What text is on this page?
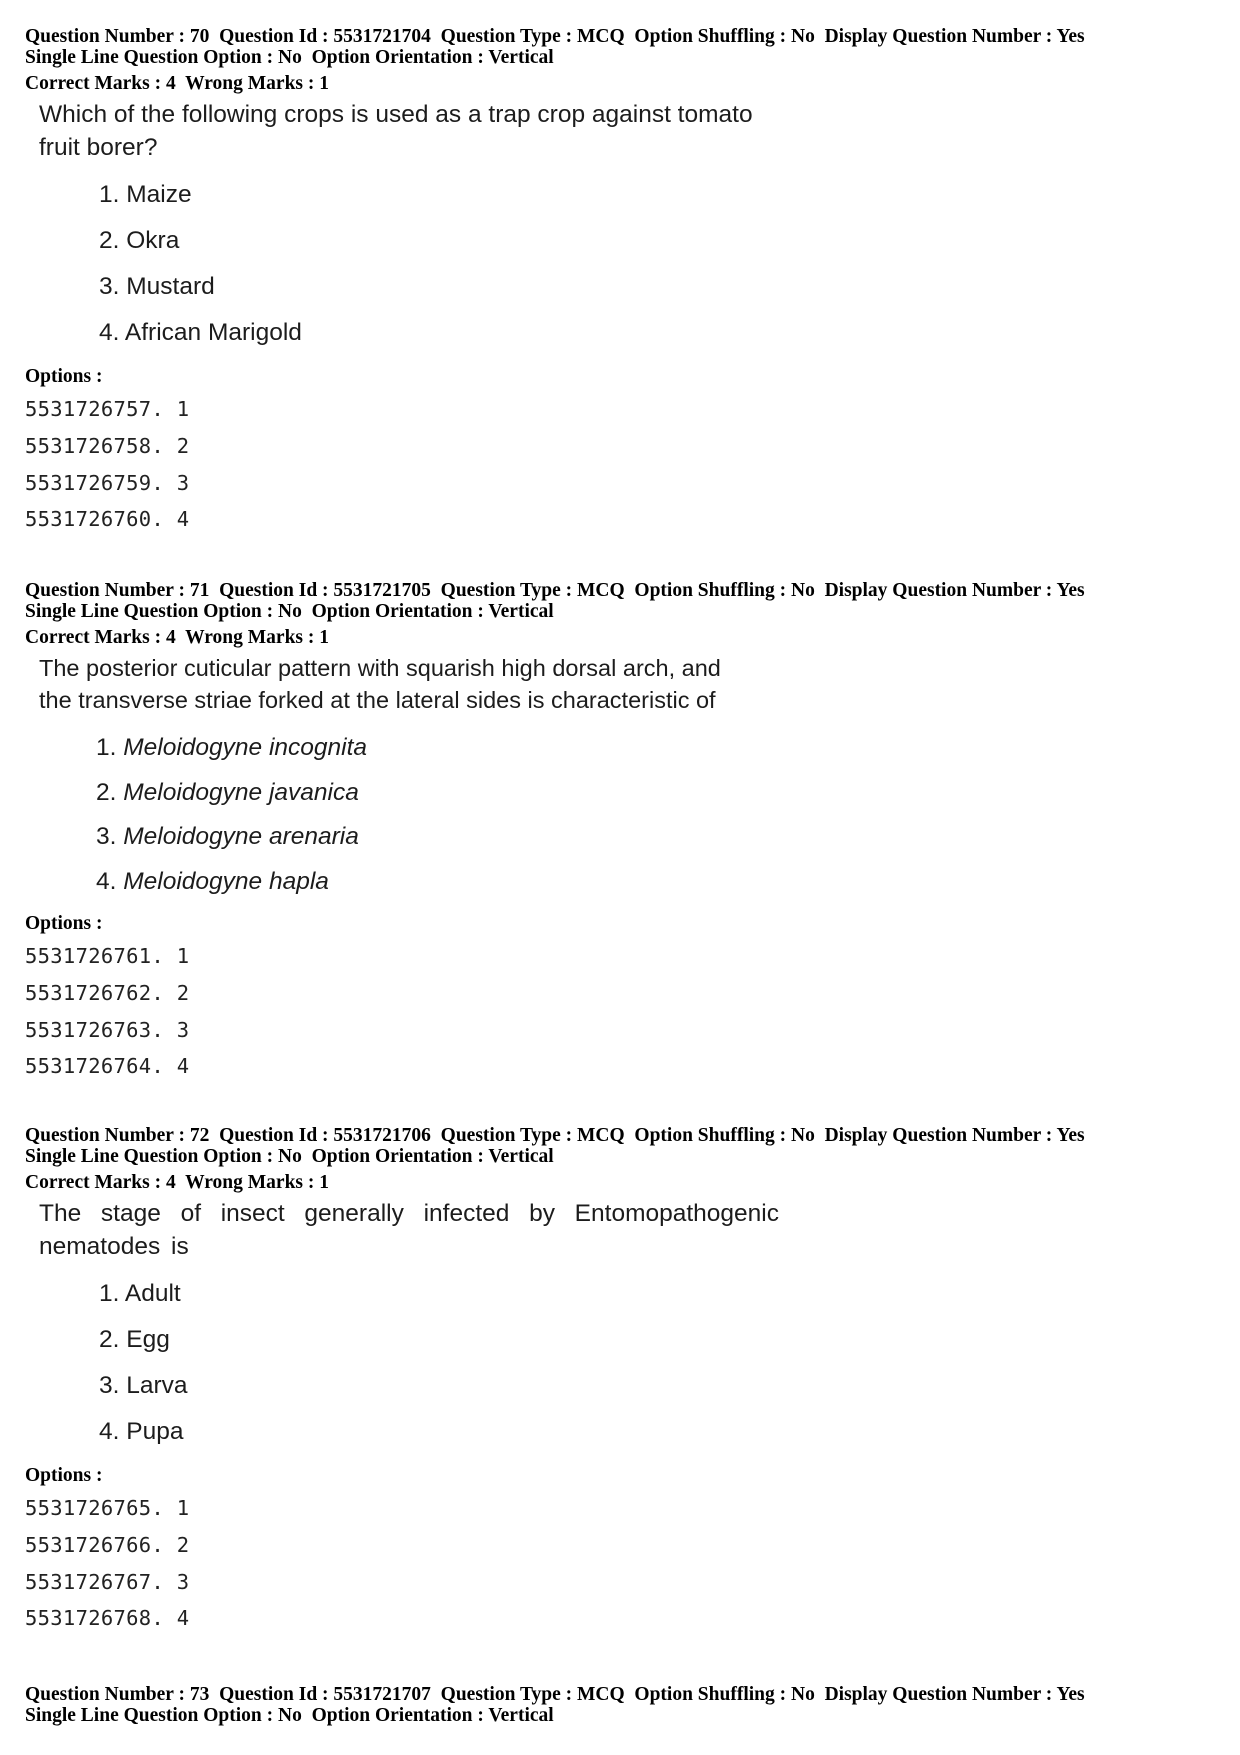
Question Number : 70  Question Id : 5531721704  Question Type : MCQ  Option Shuffling : No  Display Question Number : Yes

Single Line Question Option : No  Option Orientation : Vertical

Correct Marks : 4  Wrong Marks : 1

Which of the following crops is used as a trap crop against tomato
fruit borer?

1. Maize
2. Okra
3. Mustard
4. African Marigold
Options :
5531726757. 1
5531726758. 2
5531726759. 3
5531726760. 4

Question Number : 71  Question Id : 5531721705  Question Type : MCQ  Option Shuffling : No  Display Question Number : Yes

Single Line Question Option : No  Option Orientation : Vertical

Correct Marks : 4  Wrong Marks : 1

The posterior cuticular pattern with squarish high dorsal arch, and
the transverse striae forked at the lateral sides is characteristic of

1. Meloidogyne incognita
2. Meloidogyne javanica
3. Meloidogyne arenaria
4. Meloidogyne hapla
Options :
5531726761. 1
5531726762. 2
5531726763. 3
5531726764. 4

Question Number : 72  Question Id : 5531721706  Question Type : MCQ  Option Shuffling : No  Display Question Number : Yes

Single Line Question Option : No  Option Orientation : Vertical

Correct Marks : 4  Wrong Marks : 1

The stage of insect generally infected by Entomopathogenic
nematodes is

1. Adult
2. Egg
3. Larva
4. Pupa
Options :
5531726765. 1
5531726766. 2
5531726767. 3
5531726768. 4

Question Number : 73  Question Id : 5531721707  Question Type : MCQ  Option Shuffling : No  Display Question Number : Yes

Single Line Question Option : No  Option Orientation : Vertical
